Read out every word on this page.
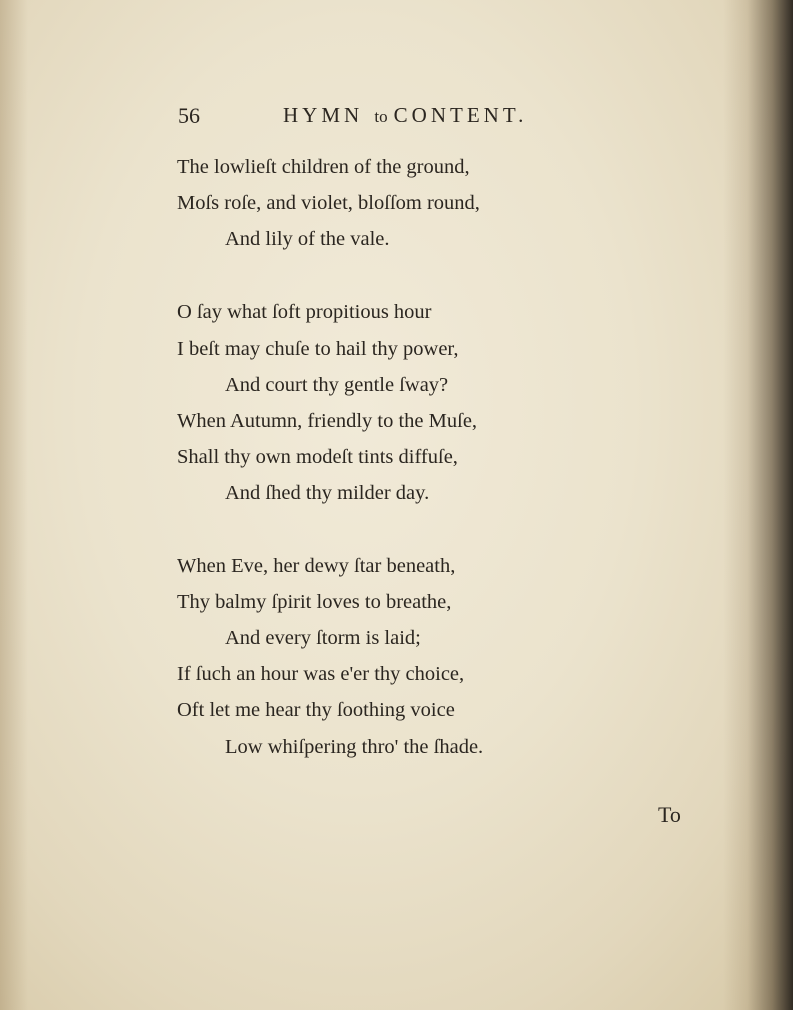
56	HYMN to CONTENT.
The lowlieſt children of the ground,
Moſs roſe, and violet, bloſſom round,
And lily of the vale.
O ſay what ſoft propitious hour
I beſt may chuſe to hail thy power,
And court thy gentle ſway?
When Autumn, friendly to the Muſe,
Shall thy own modeſt tints diffuſe,
And ſhed thy milder day.
When Eve, her dewy ſtar beneath,
Thy balmy ſpirit loves to breathe,
And every ſtorm is laid;
If ſuch an hour was e'er thy choice,
Oft let me hear thy ſoothing voice
Low whiſpering thro' the ſhade.
To
